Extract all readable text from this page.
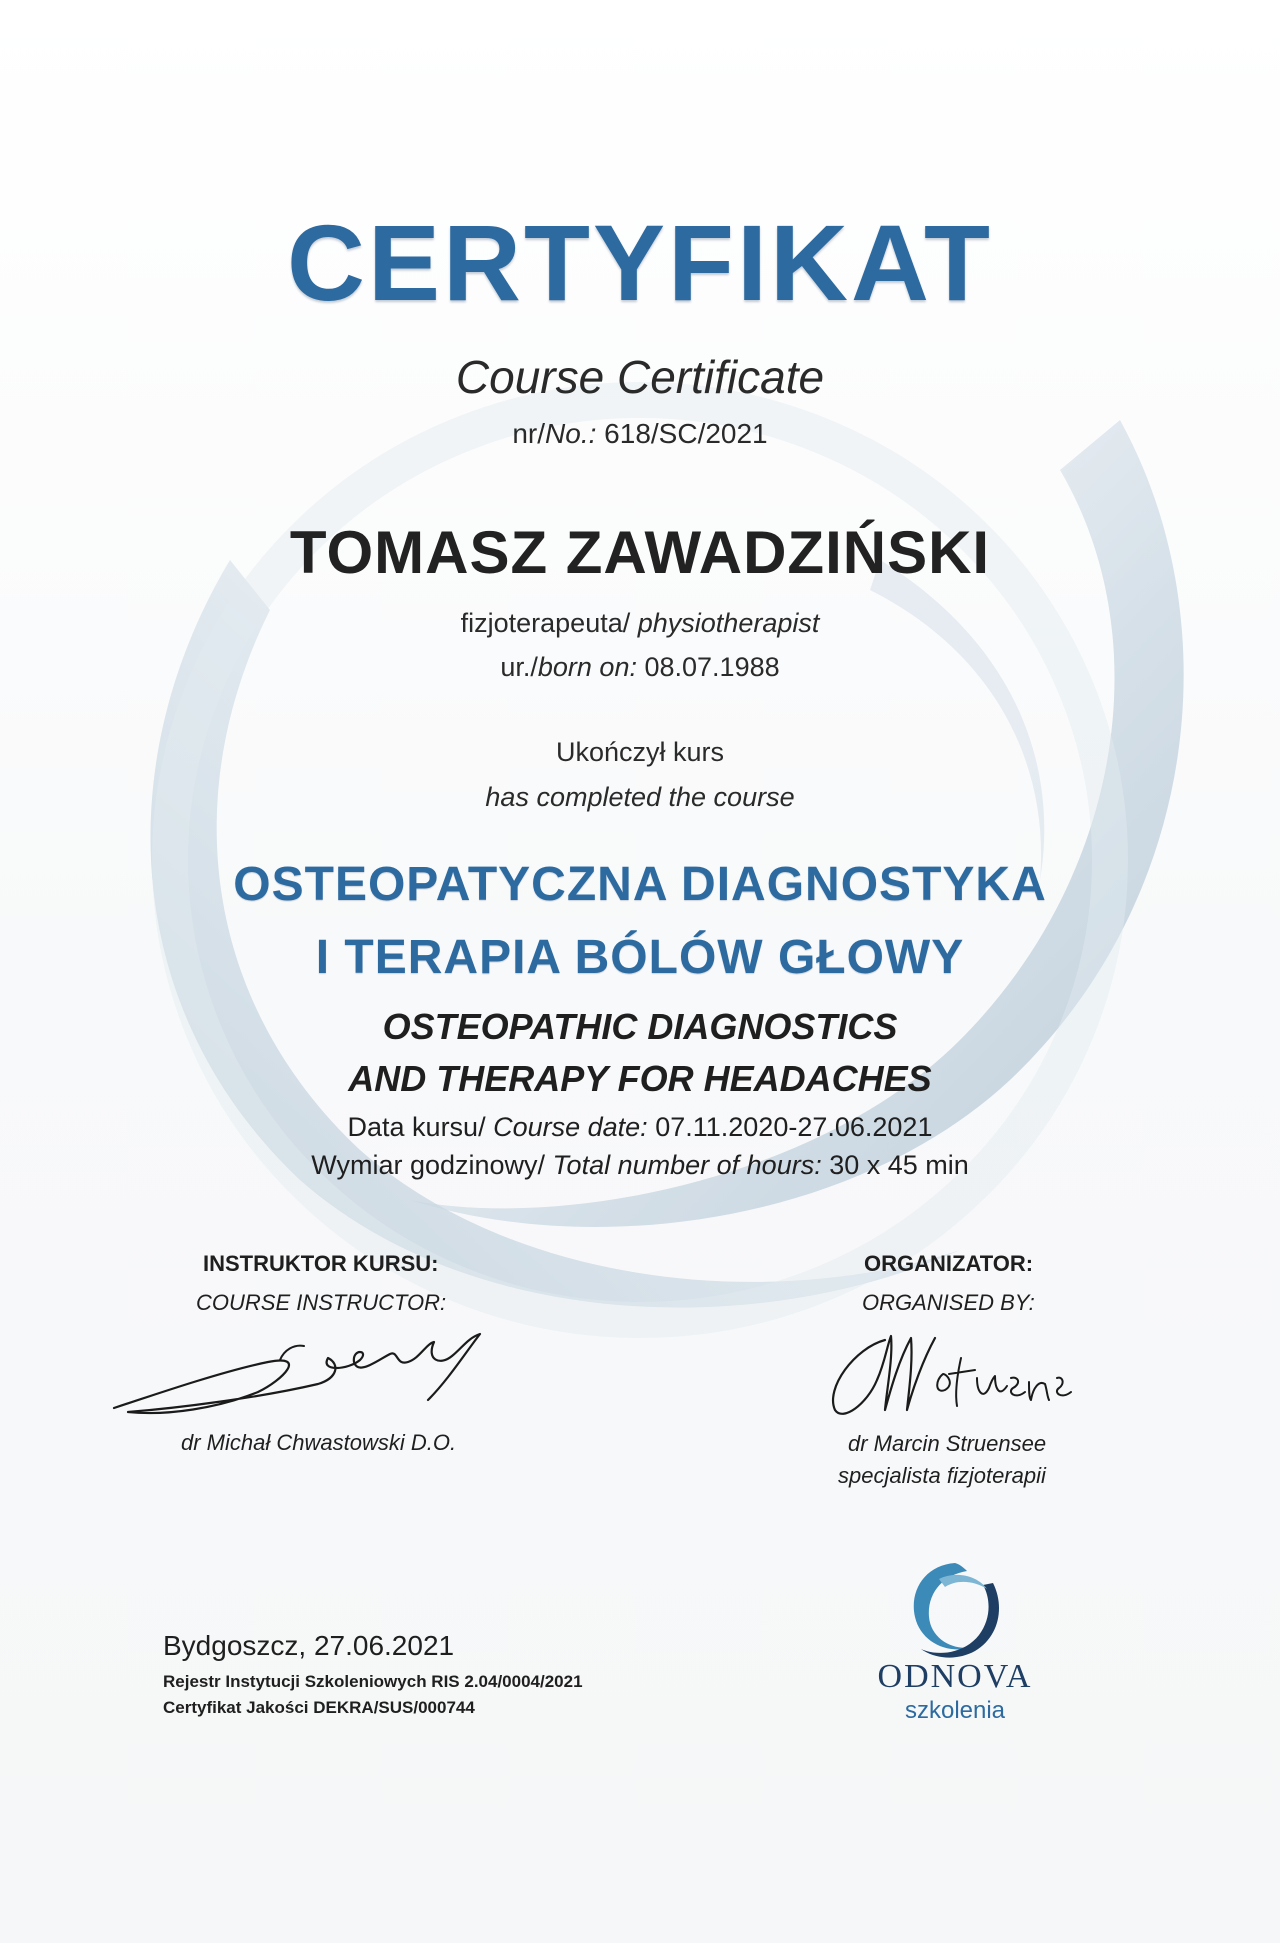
CERTYFIKAT
Course Certificate
nr/No.: 618/SC/2021
TOMASZ ZAWADZIŃSKI
fizjoterapeuta/ physiotherapist
ur./born on: 08.07.1988
Ukończył kurs
has completed the course
OSTEOPATYCZNA DIAGNOSTYKA
I TERAPIA BÓLÓW GŁOWY
OSTEOPATHIC DIAGNOSTICS
AND THERAPY FOR HEADACHES
Data kursu/ Course date: 07.11.2020-27.06.2021
Wymiar godzinowy/ Total number of hours: 30 x 45 min
INSTRUKTOR KURSU:
COURSE INSTRUCTOR:
dr Michał Chwastowski D.O.
ORGANIZATOR:
ORGANISED BY:
dr Marcin Struensee
specjalista fizjoterapii
Bydgoszcz, 27.06.2021
Rejestr Instytucji Szkoleniowych RIS 2.04/0004/2021
Certyfikat Jakości DEKRA/SUS/000744
ODNOVA
szkolenia
